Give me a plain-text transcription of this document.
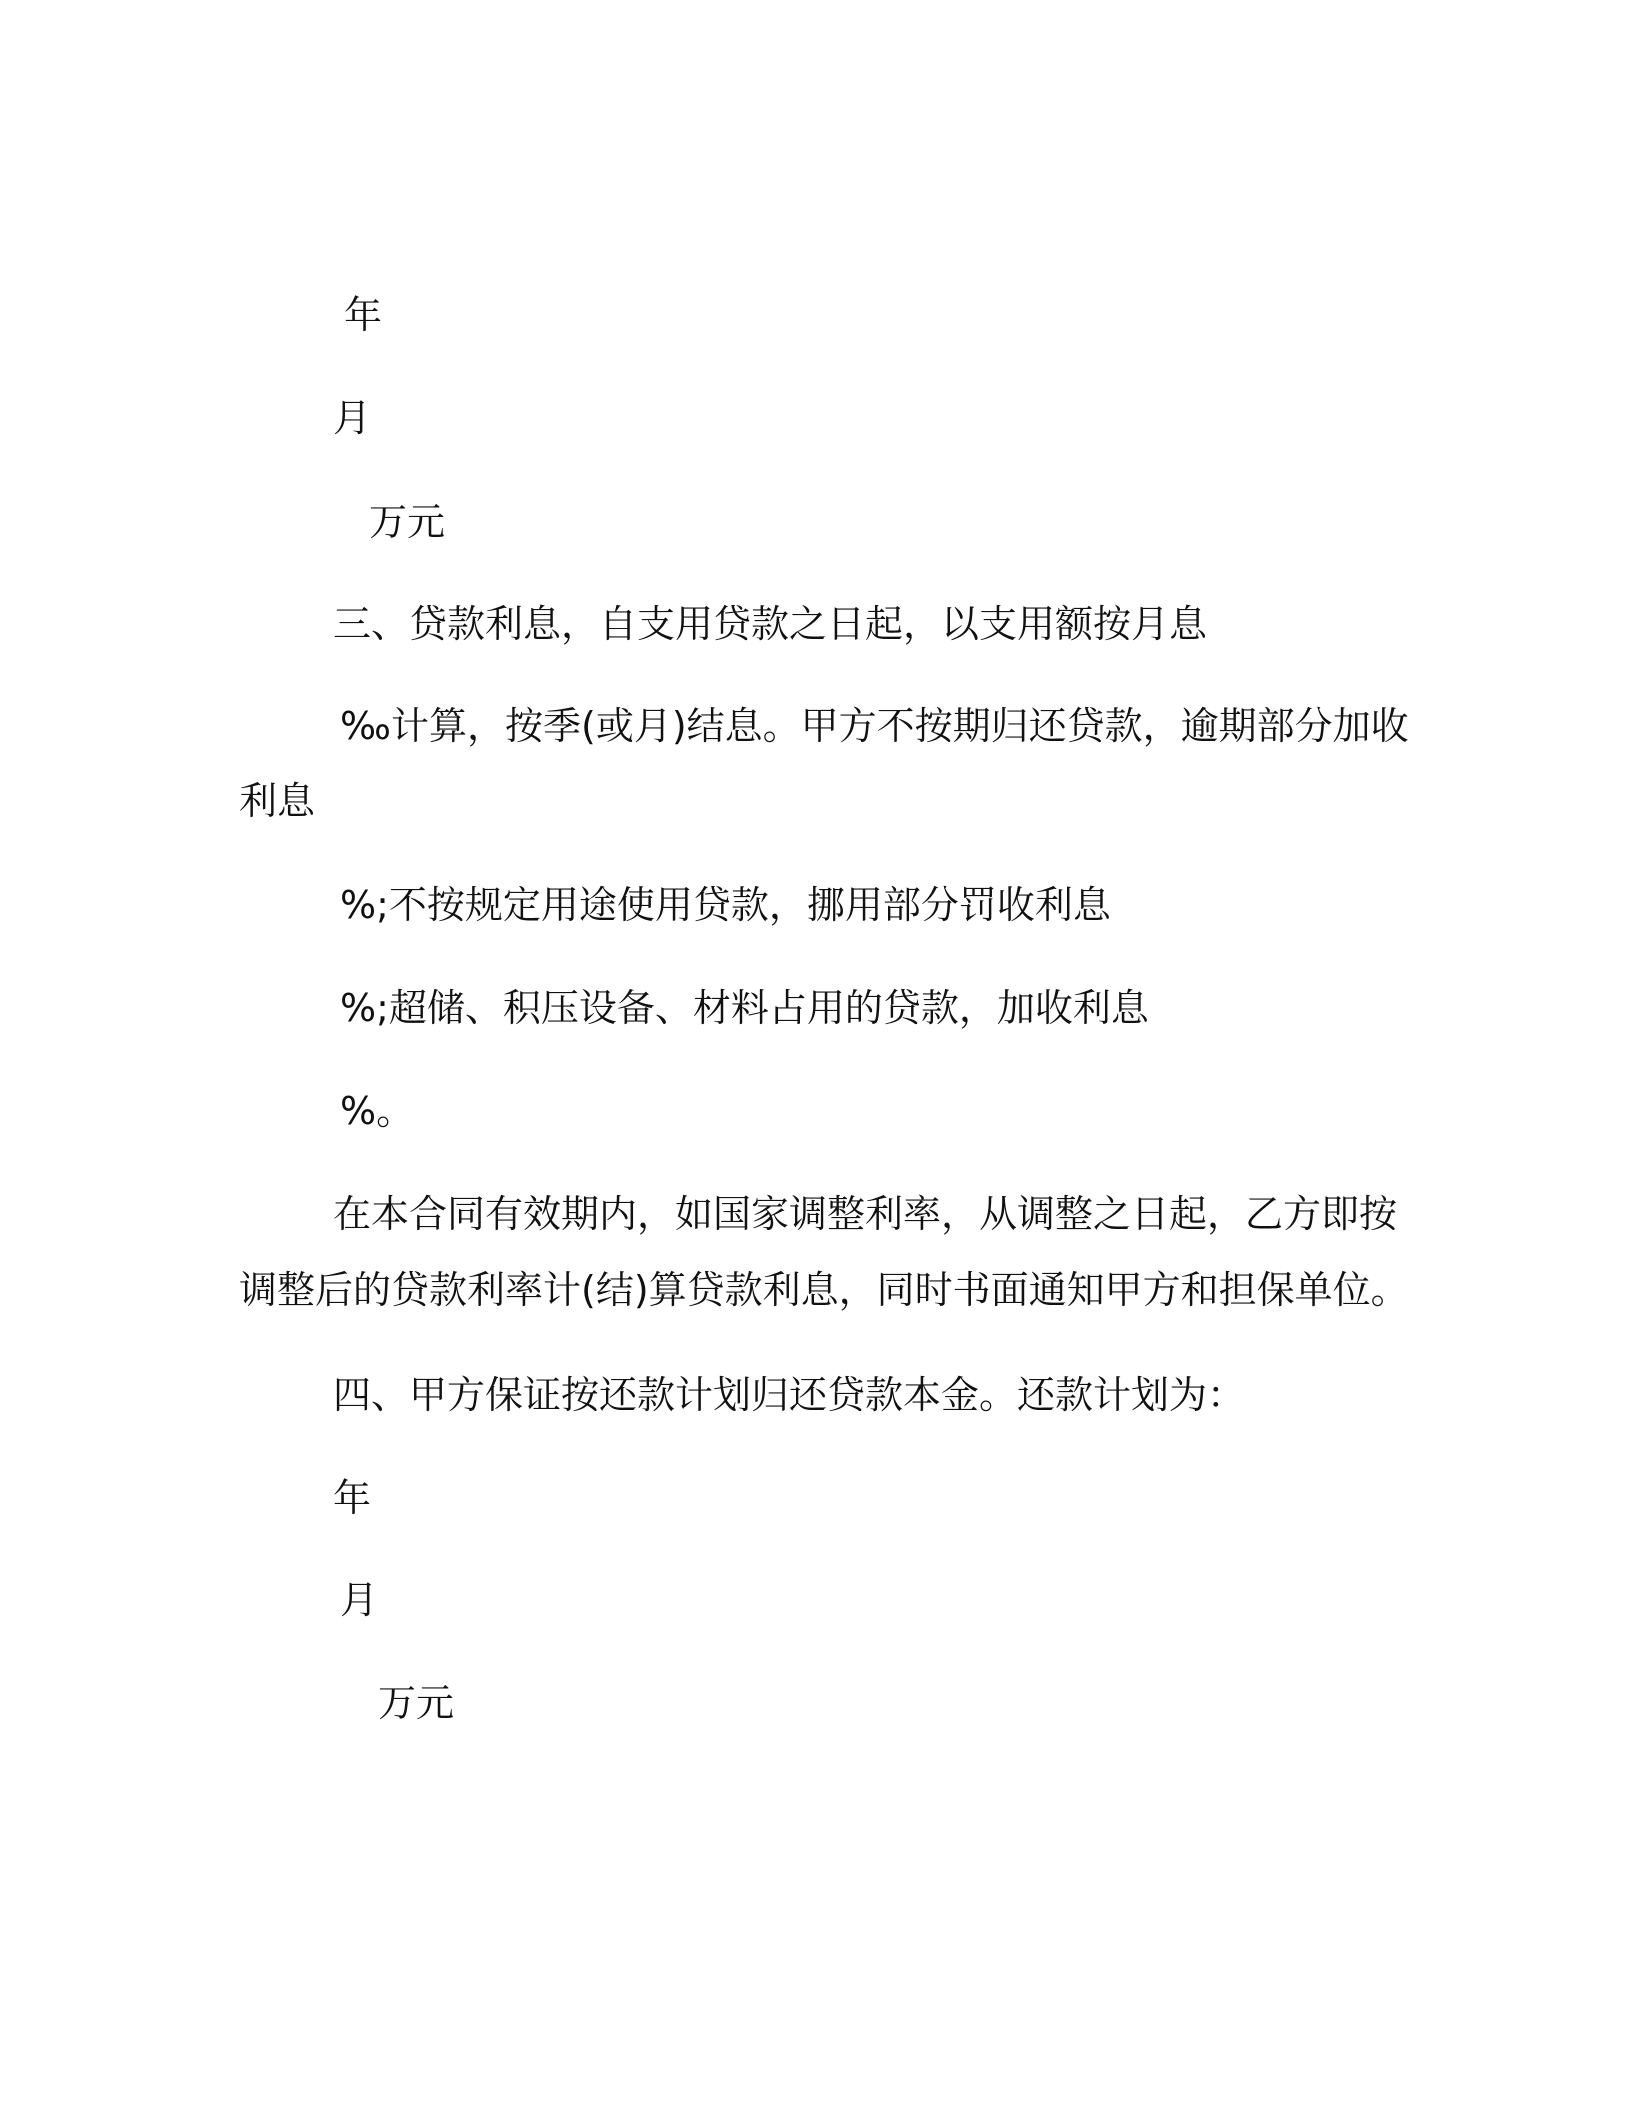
年

月

万元

三、贷款利息，自支用贷款之日起，以支用额按月息

‰计算，按季(或月)结息。甲方不按期归还贷款，逾期部分加收

利息

%;不按规定用途使用贷款，挪用部分罚收利息

%;超储、积压设备、材料占用的贷款，加收利息

%。

在本合同有效期内，如国家调整利率，从调整之日起，乙方即按

调整后的贷款利率计(结)算贷款利息，同时书面通知甲方和担保单位。

四、甲方保证按还款计划归还贷款本金。还款计划为：

年

月

万元
